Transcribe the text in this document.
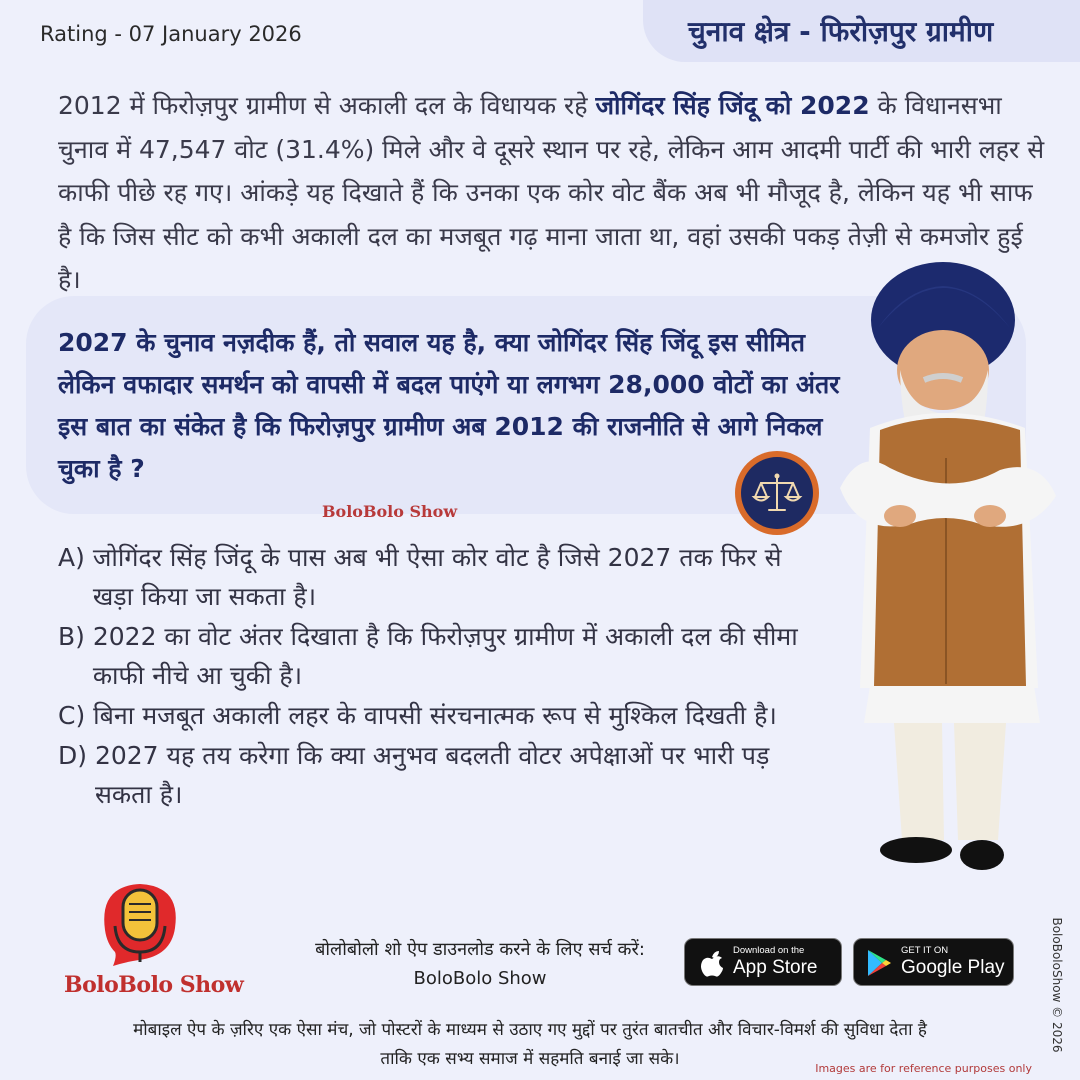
Rating - 07 January 2026	चुनाव क्षेत्र - फिरोज़पुर ग्रामीण
2012 में फिरोज़पुर ग्रामीण से अकाली दल के विधायक रहे जोगिंदर सिंह जिंदू को 2022 के विधानसभा चुनाव में 47,547 वोट (31.4%) मिले और वे दूसरे स्थान पर रहे, लेकिन आम आदमी पार्टी की भारी लहर से काफी पीछे रह गए। आंकड़े यह दिखाते हैं कि उनका एक कोर वोट बैंक अब भी मौजूद है, लेकिन यह भी साफ है कि जिस सीट को कभी अकाली दल का मजबूत गढ़ माना जाता था, वहां उसकी पकड़ तेज़ी से कमजोर हुई है।
2027 के चुनाव नज़दीक हैं, तो सवाल यह है, क्या जोगिंदर सिंह जिंदू इस सीमित लेकिन वफादार समर्थन को वापसी में बदल पाएंगे या लगभग 28,000 वोटों का अंतर इस बात का संकेत है कि फिरोज़पुर ग्रामीण अब 2012 की राजनीति से आगे निकल चुका है ?
BoloBolo Show
A)
जोगिंदर सिंह जिंदू के पास अब भी ऐसा कोर वोट है जिसे 2027 तक फिर से खड़ा किया जा सकता है।
B)
2022 का वोट अंतर दिखाता है कि फिरोज़पुर ग्रामीण में अकाली दल की सीमा काफी नीचे आ चुकी है।
C)
बिना मजबूत अकाली लहर के वापसी संरचनात्मक रूप से मुश्किल दिखती है।
D)
2027 यह तय करेगा कि क्या अनुभव बदलती वोटर अपेक्षाओं पर भारी पड़ सकता है।
BoloBolo Show
बोलोबोलो शो ऐप डाउनलोड करने के लिए सर्च करें:
BoloBolo Show
Download on the
App Store
GET IT ON
Google Play	BoloBoloShow © 2026
मोबाइल ऐप के ज़रिए एक ऐसा मंच, जो पोस्टरों के माध्यम से उठाए गए मुद्दों पर तुरंत बातचीत और विचार-विमर्श की सुविधा देता है
ताकि एक सभ्य समाज में सहमति बनाई जा सके।	Images are for reference purposes only
